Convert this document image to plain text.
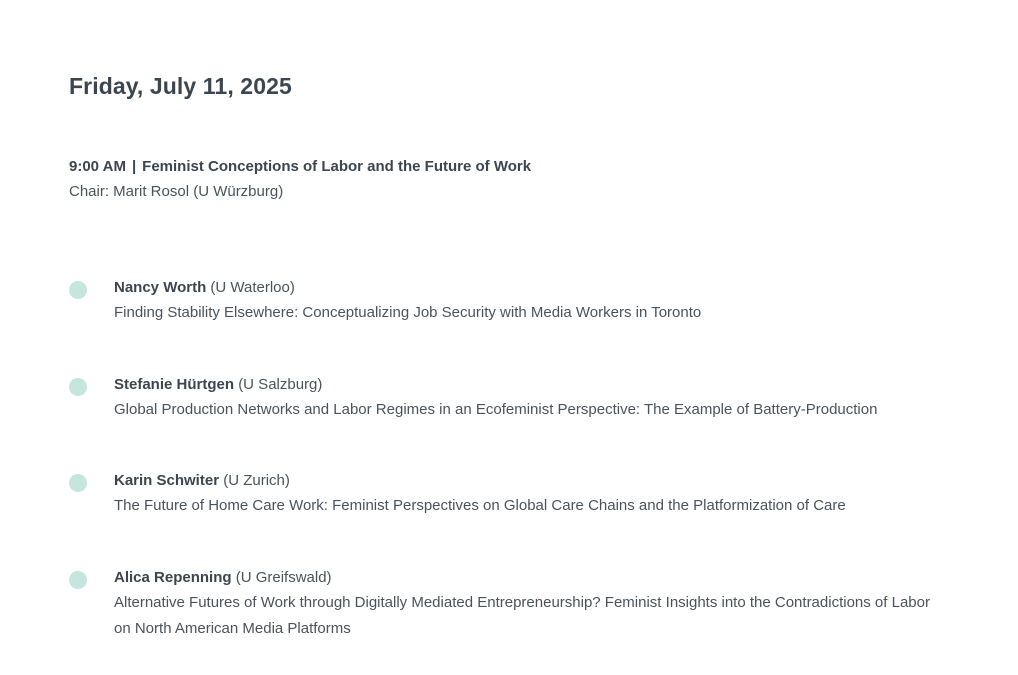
Friday, July 11, 2025
9:00 AM | Feminist Conceptions of Labor and the Future of Work
Chair: Marit Rosol (U Würzburg)
Nancy Worth (U Waterloo)
Finding Stability Elsewhere: Conceptualizing Job Security with Media Workers in Toronto
Stefanie Hürtgen (U Salzburg)
Global Production Networks and Labor Regimes in an Ecofeminist Perspective: The Example of Battery-Production
Karin Schwiter (U Zurich)
The Future of Home Care Work: Feminist Perspectives on Global Care Chains and the Platformization of Care
Alica Repenning (U Greifswald)
Alternative Futures of Work through Digitally Mediated Entrepreneurship? Feminist Insights into the Contradictions of Labor on North American Media Platforms
